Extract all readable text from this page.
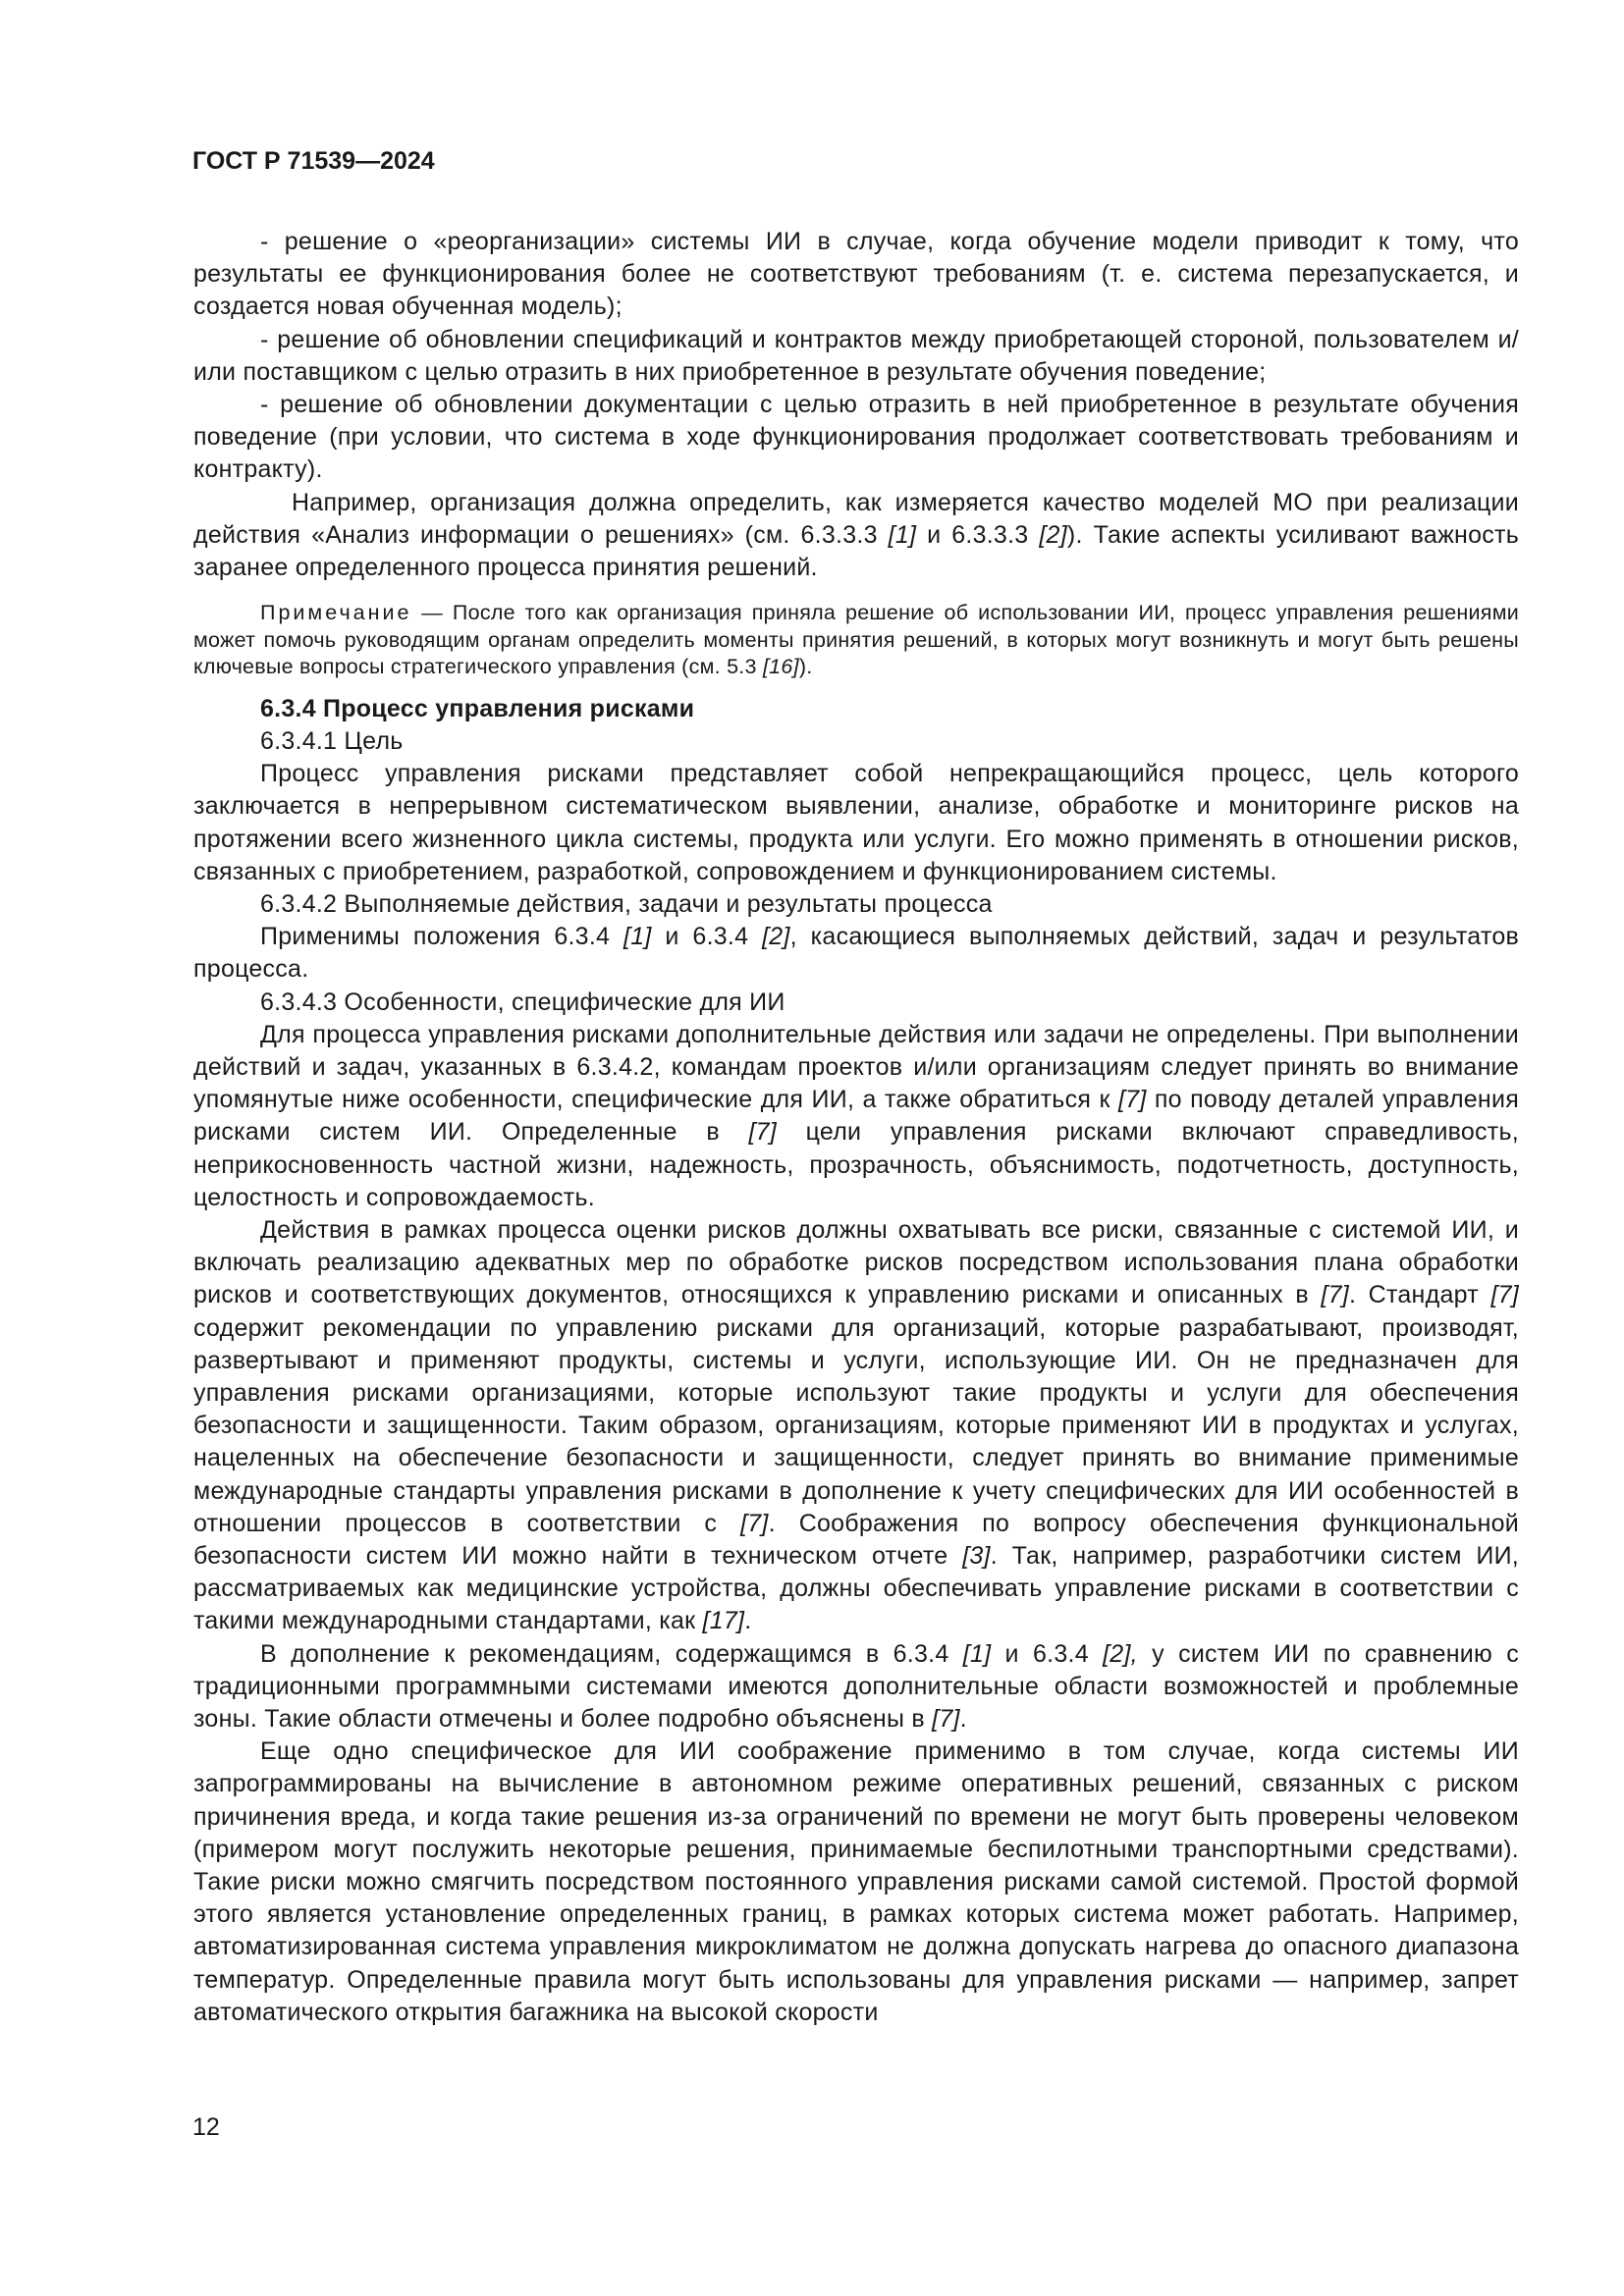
ГОСТ Р 71539—2024

- решение о «реорганизации» системы ИИ в случае, когда обучение модели приводит к тому, что результаты ее функционирования более не соответствуют требованиям (т. е. система перезапускается, и создается новая обученная модель);

- решение об обновлении спецификаций и контрактов между приобретающей стороной, пользователем и/или поставщиком с целью отразить в них приобретенное в результате обучения поведение;

- решение об обновлении документации с целью отразить в ней приобретенное в результате обучения поведение (при условии, что система в ходе функционирования продолжает соответствовать требованиям и контракту).

Например, организация должна определить, как измеряется качество моделей МО при реализации действия «Анализ информации о решениях» (см. 6.3.3.3 [1] и 6.3.3.3 [2]). Такие аспекты усиливают важность заранее определенного процесса принятия решений.

Примечание — После того как организация приняла решение об использовании ИИ, процесс управления решениями может помочь руководящим органам определить моменты принятия решений, в которых могут возникнуть и могут быть решены ключевые вопросы стратегического управления (см. 5.3 [16]).

6.3.4 Процесс управления рисками

6.3.4.1 Цель

Процесс управления рисками представляет собой непрекращающийся процесс, цель которого заключается в непрерывном систематическом выявлении, анализе, обработке и мониторинге рисков на протяжении всего жизненного цикла системы, продукта или услуги. Его можно применять в отношении рисков, связанных с приобретением, разработкой, сопровождением и функционированием системы.

6.3.4.2 Выполняемые действия, задачи и результаты процесса

Применимы положения 6.3.4 [1] и 6.3.4 [2], касающиеся выполняемых действий, задач и результатов процесса.

6.3.4.3 Особенности, специфические для ИИ

Для процесса управления рисками дополнительные действия или задачи не определены. При выполнении действий и задач, указанных в 6.3.4.2, командам проектов и/или организациям следует принять во внимание упомянутые ниже особенности, специфические для ИИ, а также обратиться к [7] по поводу деталей управления рисками систем ИИ. Определенные в [7] цели управления рисками включают справедливость, неприкосновенность частной жизни, надежность, прозрачность, объяснимость, подотчетность, доступность, целостность и сопровождаемость.

Действия в рамках процесса оценки рисков должны охватывать все риски, связанные с системой ИИ, и включать реализацию адекватных мер по обработке рисков посредством использования плана обработки рисков и соответствующих документов, относящихся к управлению рисками и описанных в [7]. Стандарт [7] содержит рекомендации по управлению рисками для организаций, которые разрабатывают, производят, развертывают и применяют продукты, системы и услуги, использующие ИИ. Он не предназначен для управления рисками организациями, которые используют такие продукты и услуги для обеспечения безопасности и защищенности. Таким образом, организациям, которые применяют ИИ в продуктах и услугах, нацеленных на обеспечение безопасности и защищенности, следует принять во внимание применимые международные стандарты управления рисками в дополнение к учету специфических для ИИ особенностей в отношении процессов в соответствии с [7]. Соображения по вопросу обеспечения функциональной безопасности систем ИИ можно найти в техническом отчете [3]. Так, например, разработчики систем ИИ, рассматриваемых как медицинские устройства, должны обеспечивать управление рисками в соответствии с такими международными стандартами, как [17].

В дополнение к рекомендациям, содержащимся в 6.3.4 [1] и 6.3.4 [2], у систем ИИ по сравнению с традиционными программными системами имеются дополнительные области возможностей и проблемные зоны. Такие области отмечены и более подробно объяснены в [7].

Еще одно специфическое для ИИ соображение применимо в том случае, когда системы ИИ запрограммированы на вычисление в автономном режиме оперативных решений, связанных с риском причинения вреда, и когда такие решения из-за ограничений по времени не могут быть проверены человеком (примером могут послужить некоторые решения, принимаемые беспилотными транспортными средствами). Такие риски можно смягчить посредством постоянного управления рисками самой системой. Простой формой этого является установление определенных границ, в рамках которых система может работать. Например, автоматизированная система управления микроклиматом не должна допускать нагрева до опасного диапазона температур. Определенные правила могут быть использованы для управления рисками — например, запрет автоматического открытия багажника на высокой скорости

12
